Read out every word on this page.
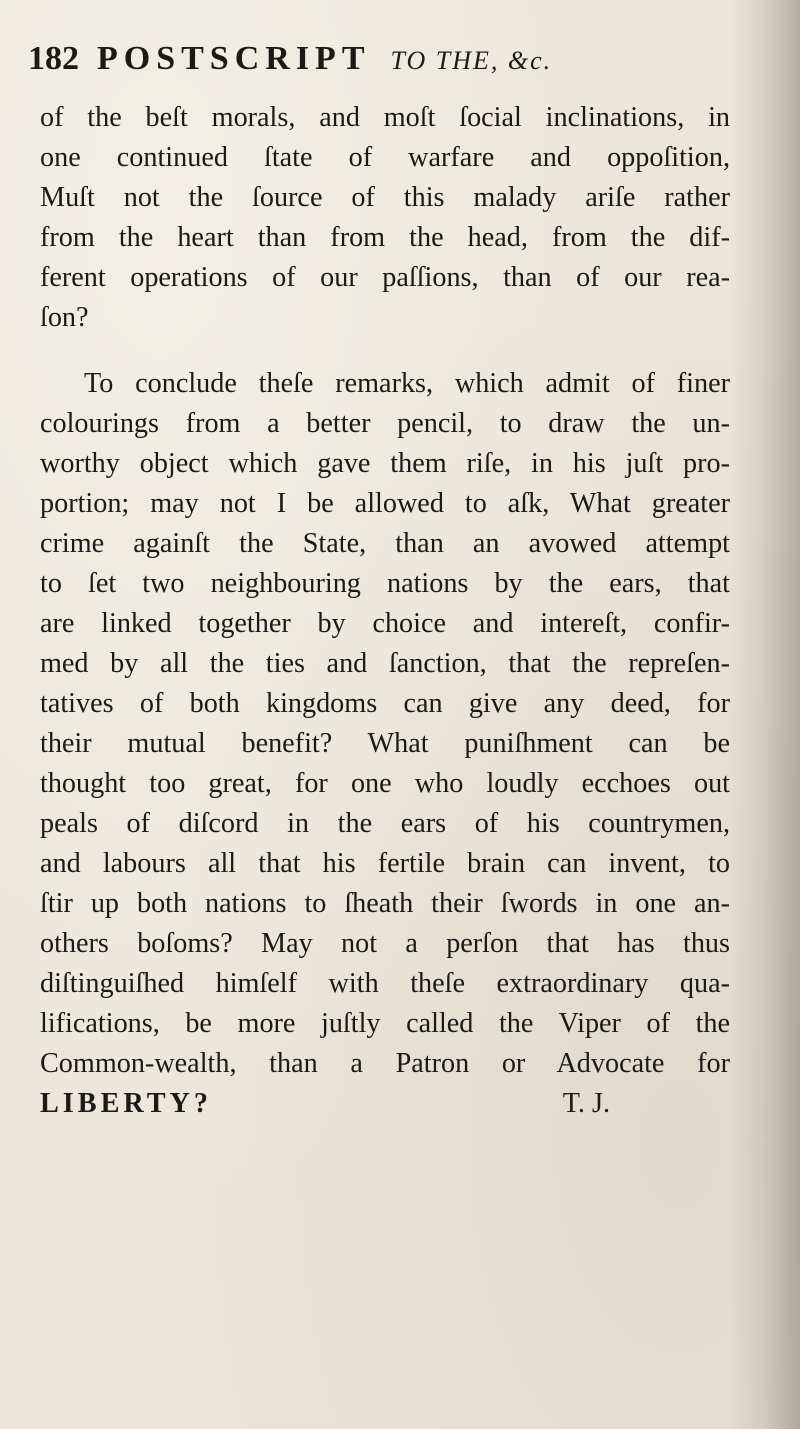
182 POSTSCRIPT TO THE, &c.
of the beſt morals, and moſt ſocial inclinations, in
one continued ſtate of warfare and oppoſition,
Muſt not the ſource of this malady ariſe rather
from the heart than from the head, from the dif-
ferent operations of our paſſions, than of our rea-
ſon?
To conclude theſe remarks, which admit of finer
colourings from a better pencil, to draw the un-
worthy object which gave them riſe, in his juſt pro-
portion; may not I be allowed to aſk, What greater
crime againſt the State, than an avowed attempt
to ſet two neighbouring nations by the ears, that
are linked together by choice and intereſt, confir-
med by all the ties and ſanction, that the repreſen-
tatives of both kingdoms can give any deed, for
their mutual benefit? What puniſhment can be
thought too great, for one who loudly ecchoes out
peals of diſcord in the ears of his countrymen,
and labours all that his fertile brain can invent, to
ſtir up both nations to ſheath their ſwords in one an-
others boſoms? May not a perſon that has thus
diſtinguiſhed himſelf with theſe extraordinary qua-
lifications, be more juſtly called the Viper of the
Common-wealth, than a Patron or Advocate for
LIBERTY?	T. J.
